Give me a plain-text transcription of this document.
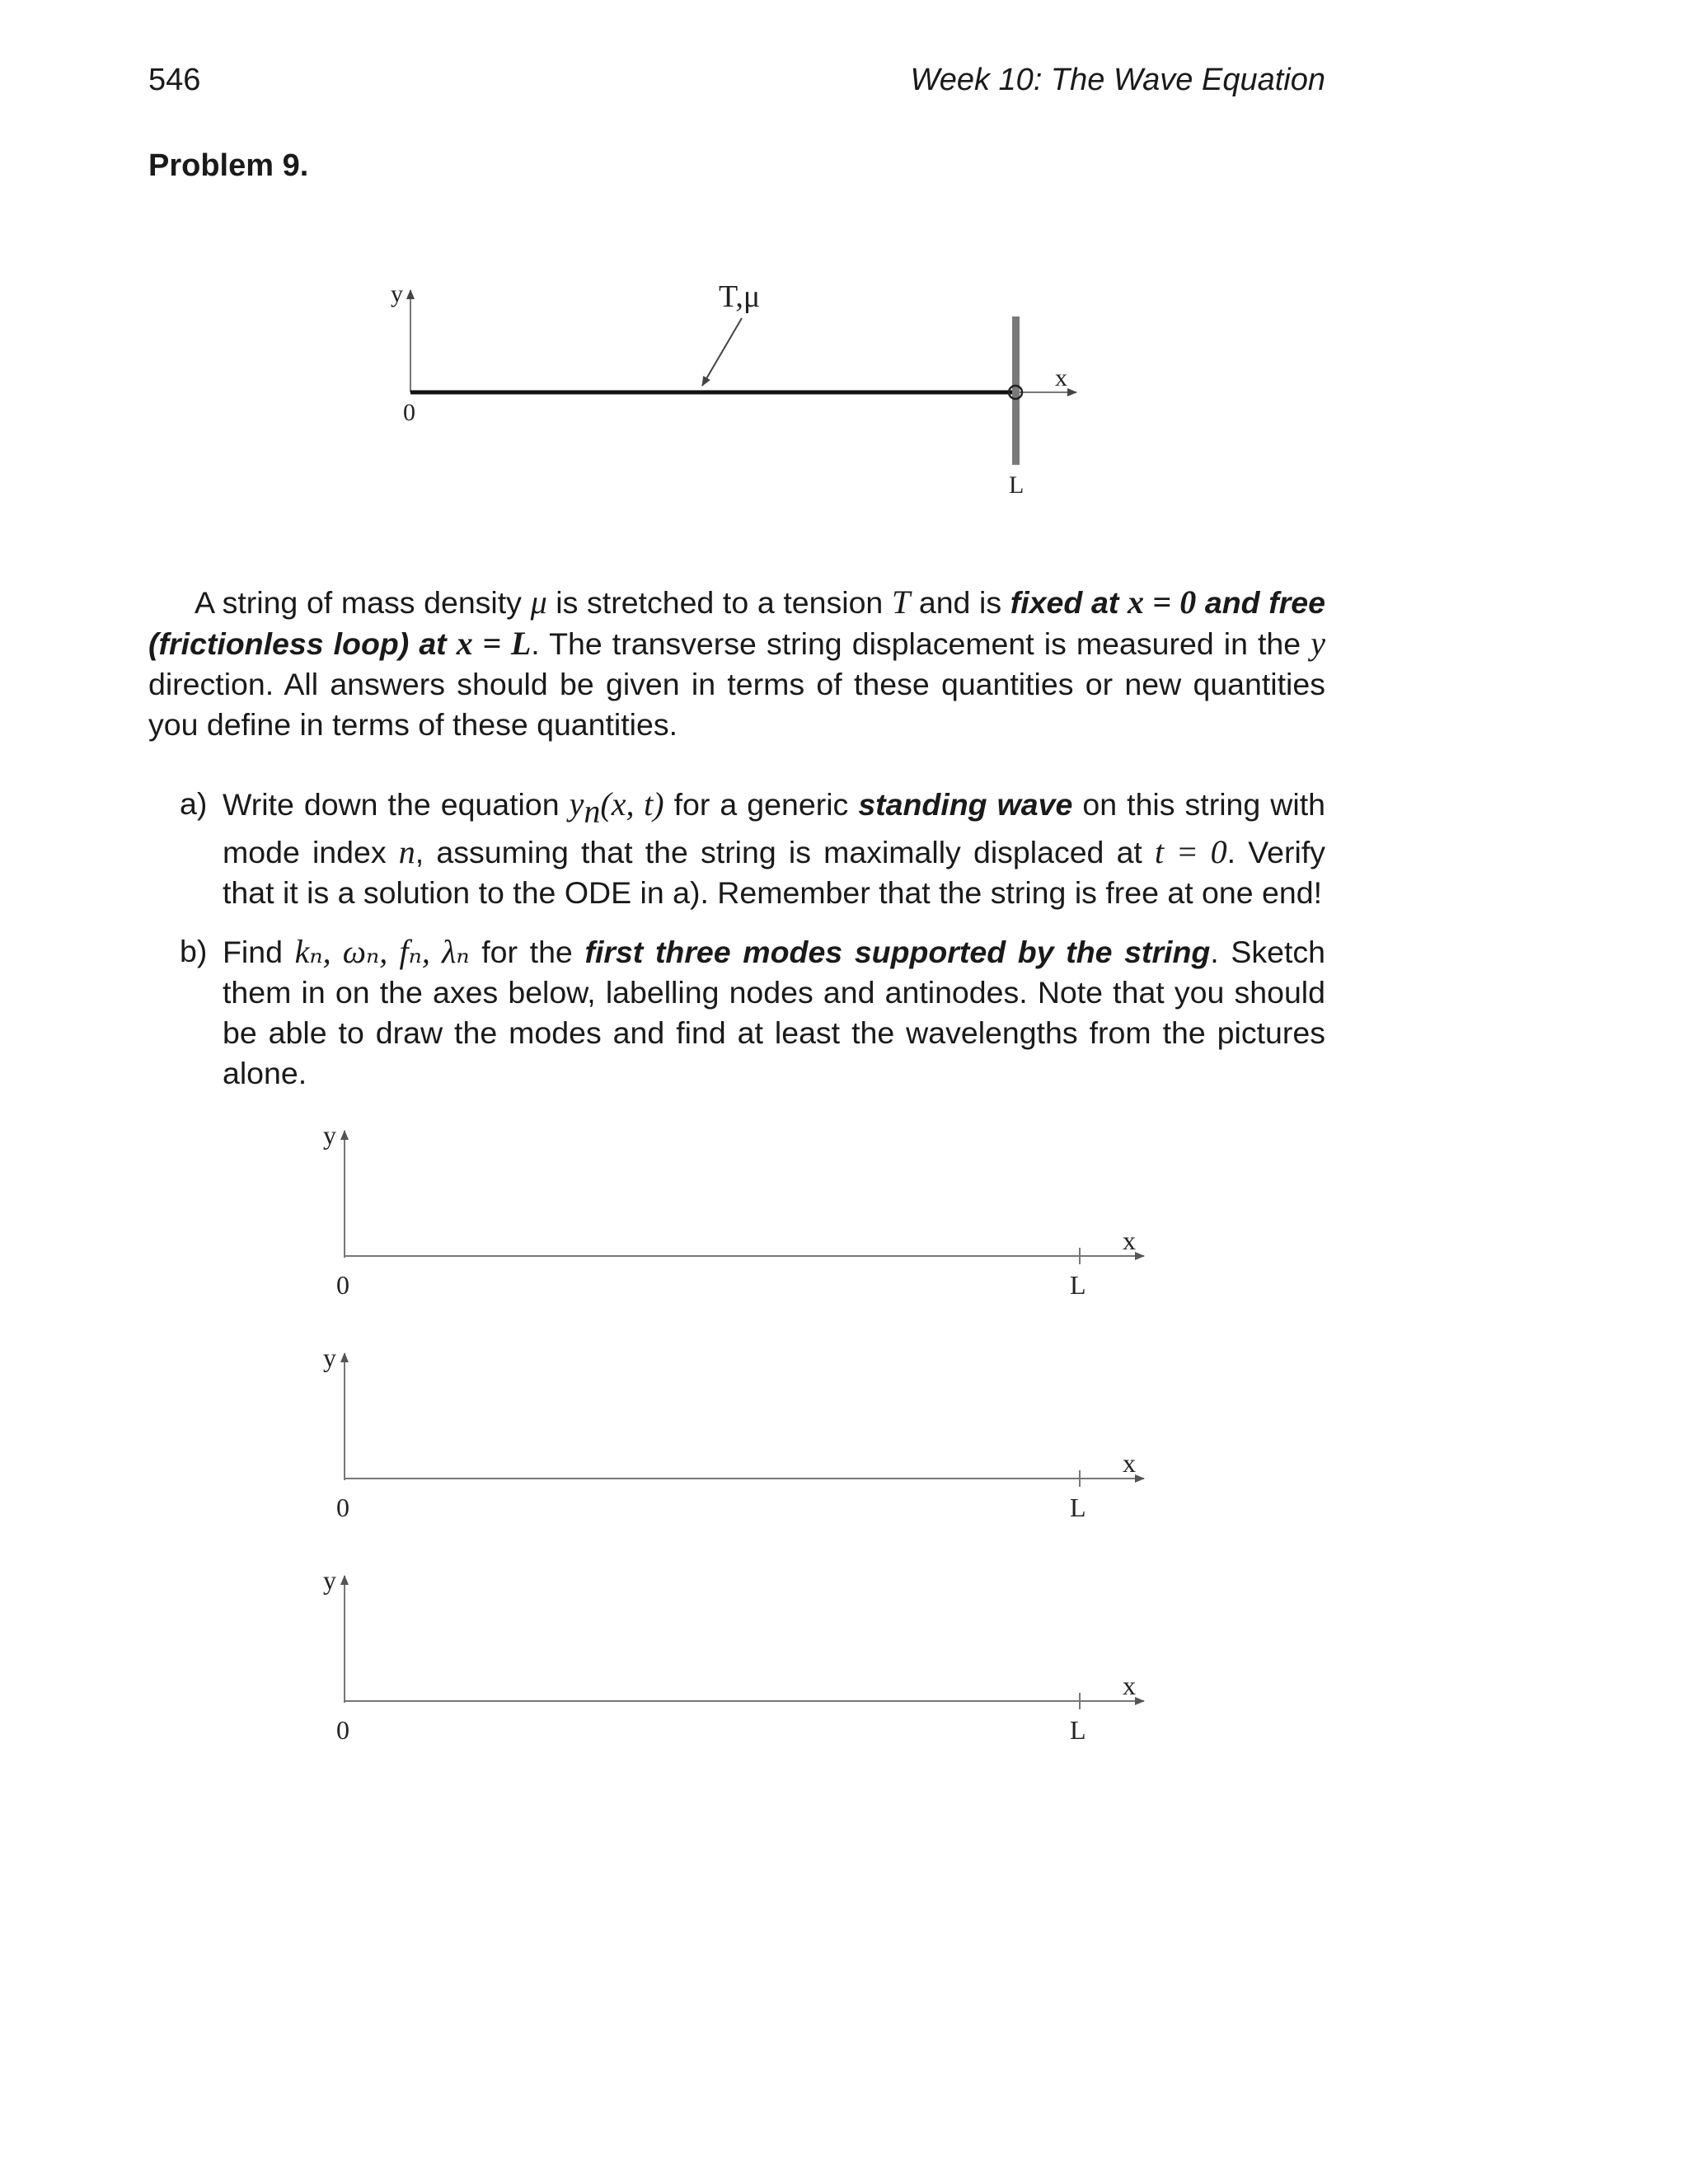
546	Week 10: The Wave Equation
Problem 9.
y
0
x
L
T,μ

A string of mass density μ is stretched to a tension T and is fixed at x = 0 and free (frictionless loop) at x = L. The transverse string displacement is measured in the y direction. All answers should be given in terms of these quantities or new quantities you define in terms of these quantities.

a) Write down the equation $y_n(x$, t) for a generic standing wave on this string with mode index n, assuming that the string is maximally displaced at t = 0. Verify that it is a solution to the ODE in a). Remember that the string is free at one end!
b) Find kₙ, ωₙ, fₙ, λₙ for the first three modes supported by the string. Sketch them in on the axes below, labelling nodes and antinodes. Note that you should be able to draw the modes and find at least the wavelengths from the pictures alone.
y
x
0	L
y
x
0	L
y
x
0	L
